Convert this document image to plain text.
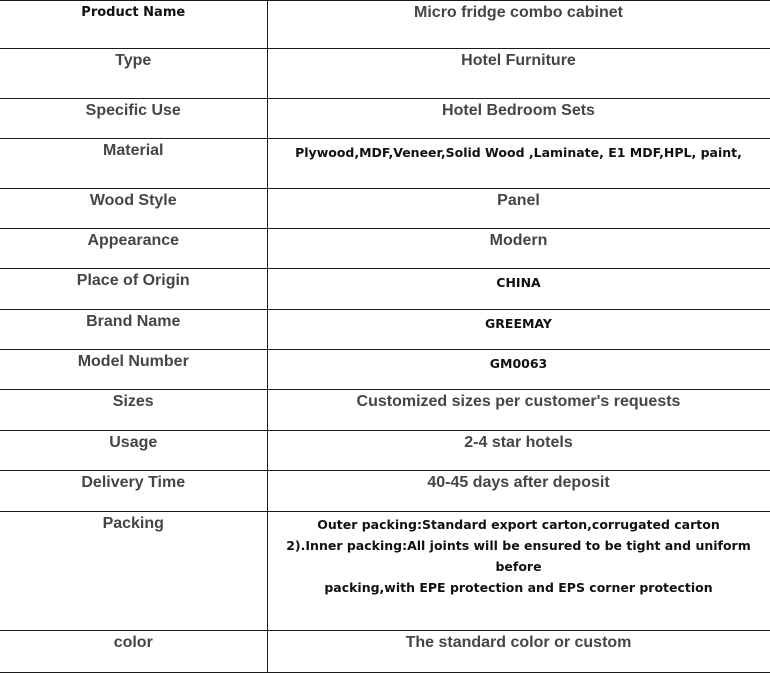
Product Name	Micro fridge combo cabinet

Type	Hotel Furniture

Specific Use	Hotel Bedroom Sets

Material	Plywood,MDF,Veneer,Solid Wood ,Laminate, E1 MDF,HPL, paint,

Wood Style	Panel

Appearance	Modern

Place of Origin	CHINA

Brand Name	GREEMAY

Model Number	GM0063

Sizes	Customized sizes per customer's requests

Usage	2-4 star hotels

Delivery Time	40-45 days after deposit

Packing	Outer packing:Standard export carton,corrugated carton
2).Inner packing:All joints will be ensured to be tight and uniform before
packing,with EPE protection and EPS corner protection

color	The standard color or custom
